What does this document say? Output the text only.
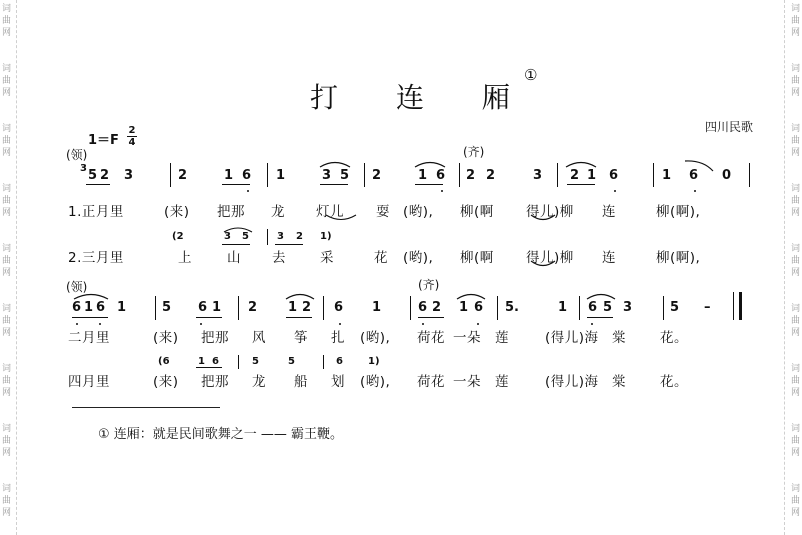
词
曲
网
词
曲
网
词
曲
网
词
曲
网
词
曲
网
词
曲
网
词
曲
网
词
曲
网
词
曲
网
词
曲
网
词
曲
网
词
曲
网
词
曲
网
词
曲
网
词
曲
网
词
曲
网
词
曲
网
词
曲
网
打 连 厢
①
1＝F
2
4
四川民歌
(领)	(齐)
3 5 2 3	2	1 6 1	3 5 2	1 6 2 2	3 2 1 6	1 6 0
1.正月里	(来) 把那 龙 灯儿 耍 (哟), 柳(啊 得儿)柳 连	柳(啊),
(2	3 5	3 2 1)
2.三月里	上	山 去	采	花 (哟), 柳(啊 得儿)柳 连	柳(啊),
(领)	(齐)
6 1 6 1	5 6 1 2 1 2 6 1	6 2 1 6 5.	1 6 5 3	5 –
二月里	(来) 把那 风 筝 扎 (哟), 荷花 一朵 莲	(得儿)海 棠	花。
(6	1 6	5	5	6	1)
四月里	(来) 把那 龙 船 划 (哟), 荷花 一朵 莲	(得儿)海 棠	花。
① 连厢：就是民间歌舞之一 —— 霸王鞭。
